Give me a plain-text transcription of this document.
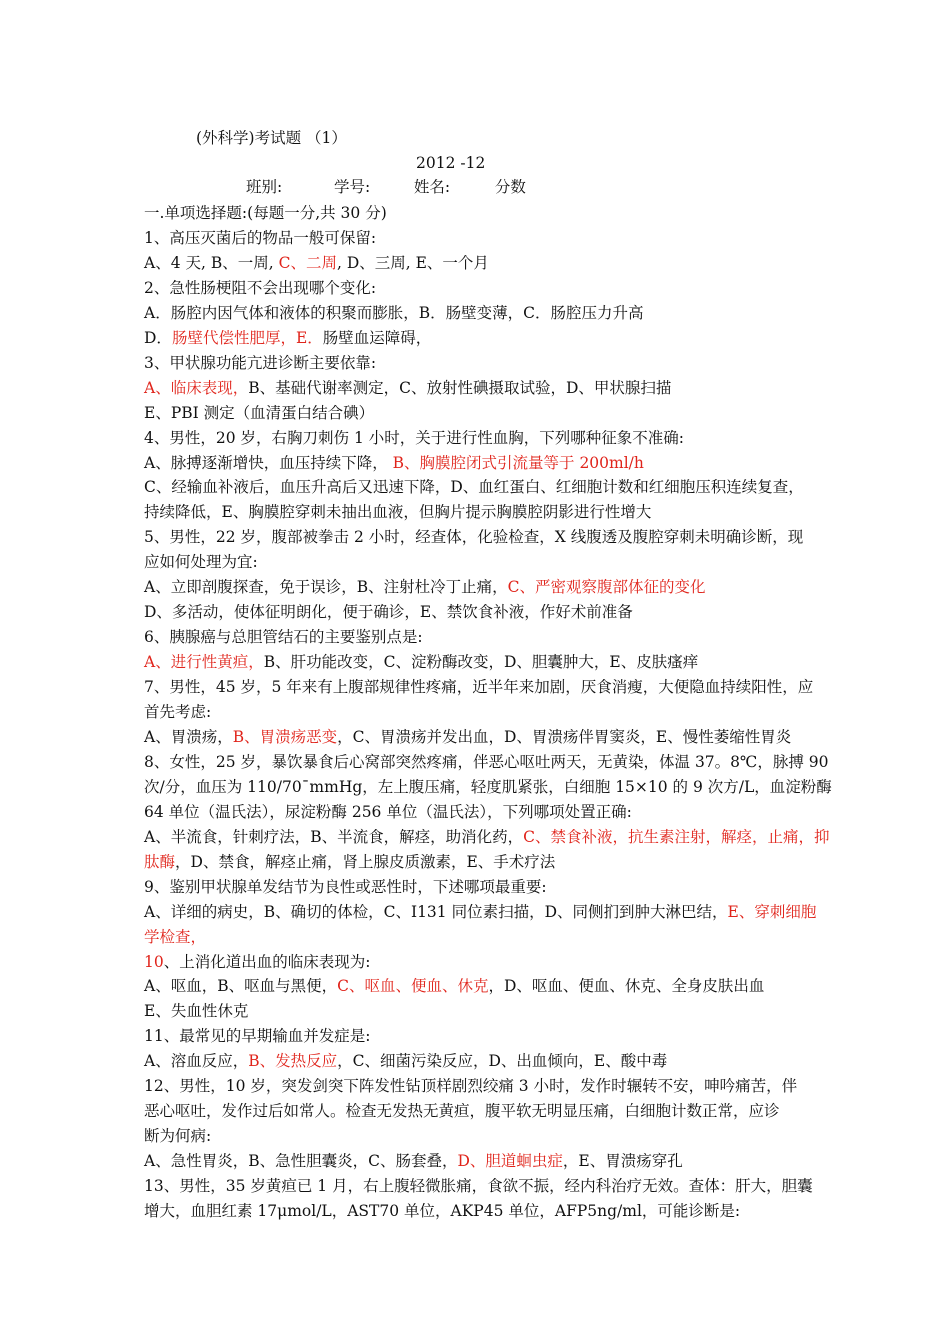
(外科学)考试题 （1）
2012 -12
班别:	学号:	姓名:	分数
一.单项选择题:(每题一分,共 30 分)
1、高压灭菌后的物品一般可保留:
A、4 天, B、一周, C、二周, D、三周, E、一个月
2、急性肠梗阻不会出现哪个变化:
A．肠腔内因气体和液体的积聚而膨胀，B．肠壁变薄，C．肠腔压力升高
D．肠壁代偿性肥厚，E．肠壁血运障碍，
3、甲状腺功能亢进诊断主要依靠:
A、临床表现，B、基础代谢率测定，C、放射性碘摄取试验，D、甲状腺扫描
E、PBI 测定（血清蛋白结合碘）
4、男性，20 岁，右胸刀刺伤 1 小时，关于进行性血胸，下列哪种征象不准确:
A、脉搏逐渐增快，血压持续下降， B、胸膜腔闭式引流量等于 200ml/h
C、经输血补液后，血压升高后又迅速下降，D、血红蛋白、红细胞计数和红细胞压积连续复查，
持续降低，E、胸膜腔穿刺未抽出血液，但胸片提示胸膜腔阴影进行性增大
5、男性，22 岁，腹部被拳击 2 小时，经查体，化验检查，X 线腹透及腹腔穿刺未明确诊断，现
应如何处理为宜:
A、立即剖腹探查，免于误诊，B、注射杜冷丁止痛，C、严密观察腹部体征的变化
D、多活动，使体征明朗化，便于确诊，E、禁饮食补液，作好术前准备
6、胰腺癌与总胆管结石的主要鉴别点是:
A、进行性黄疸，B、肝功能改变，C、淀粉酶改变，D、胆囊肿大，E、皮肤瘙痒
7、男性，45 岁，5 年来有上腹部规律性疼痛，近半年来加剧，厌食消瘦，大便隐血持续阳性，应
首先考虑:
A、胃溃疡，B、胃溃疡恶变，C、胃溃疡并发出血，D、胃溃疡伴胃窦炎，E、慢性萎缩性胃炎
8、女性，25 岁，暴饮暴食后心窝部突然疼痛，伴恶心呕吐两天，无黄染，体温 37。8℃，脉搏 90
次/分，血压为 110/70¯mmHg，左上腹压痛，轻度肌紧张，白细胞 15×10 的 9 次方/L，血淀粉酶
64 单位（温氏法），尿淀粉酶 256 单位（温氏法），下列哪项处置正确:
A、半流食，针刺疗法，B、半流食，解痉，助消化药，C、禁食补液，抗生素注射，解痉，止痛，抑
肽酶，D、禁食，解痉止痛，肾上腺皮质激素，E、手术疗法
9、鉴别甲状腺单发结节为良性或恶性时，下述哪项最重要:
A、详细的病史，B、确切的体检，C、I131 同位素扫描，D、同侧扪到肿大淋巴结，E、穿刺细胞
学检查，
10、上消化道出血的临床表现为:
A、呕血，B、呕血与黑便，C、呕血、便血、休克，D、呕血、便血、休克、全身皮肤出血
E、失血性休克
11、最常见的早期输血并发症是:
A、溶血反应，B、发热反应，C、细菌污染反应，D、出血倾向，E、酸中毒
12、男性，10 岁，突发剑突下阵发性钻顶样剧烈绞痛 3 小时，发作时辗转不安，呻吟痛苦，伴
恶心呕吐，发作过后如常人。检查无发热无黄疸，腹平软无明显压痛，白细胞计数正常，应诊
断为何病:
A、急性胃炎，B、急性胆囊炎，C、肠套叠，D、胆道蛔虫症，E、胃溃疡穿孔
13、男性，35 岁黄疸已 1 月，右上腹轻微胀痛，食欲不振，经内科治疗无效。查体：肝大，胆囊
增大，血胆红素 17μmol/L，AST70 单位，AKP45 单位，AFP5ng/ml，可能诊断是:
